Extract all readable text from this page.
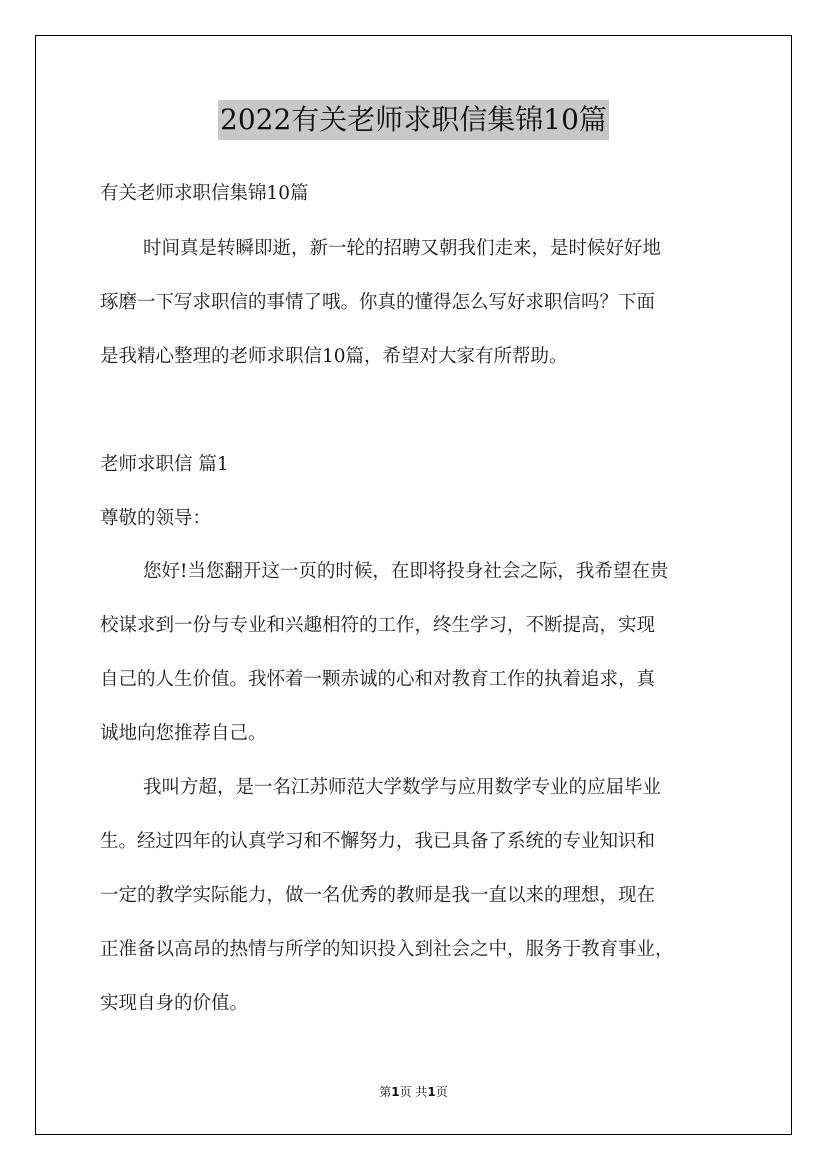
2022有关老师求职信集锦10篇
有关老师求职信集锦10篇
时间真是转瞬即逝，新一轮的招聘又朝我们走来，是时候好好地
琢磨一下写求职信的事情了哦。你真的懂得怎么写好求职信吗？下面
是我精心整理的老师求职信10篇，希望对大家有所帮助。
老师求职信 篇1
尊敬的领导：
您好!当您翻开这一页的时候，在即将投身社会之际，我希望在贵
校谋求到一份与专业和兴趣相符的工作，终生学习，不断提高，实现
自己的人生价值。我怀着一颗赤诚的心和对教育工作的执着追求，真
诚地向您推荐自己。
我叫方超，是一名江苏师范大学数学与应用数学专业的应届毕业
生。经过四年的认真学习和不懈努力，我已具备了系统的专业知识和
一定的教学实际能力，做一名优秀的教师是我一直以来的理想，现在
正准备以高昂的热情与所学的知识投入到社会之中，服务于教育事业，
实现自身的价值。
第1页 共1页
